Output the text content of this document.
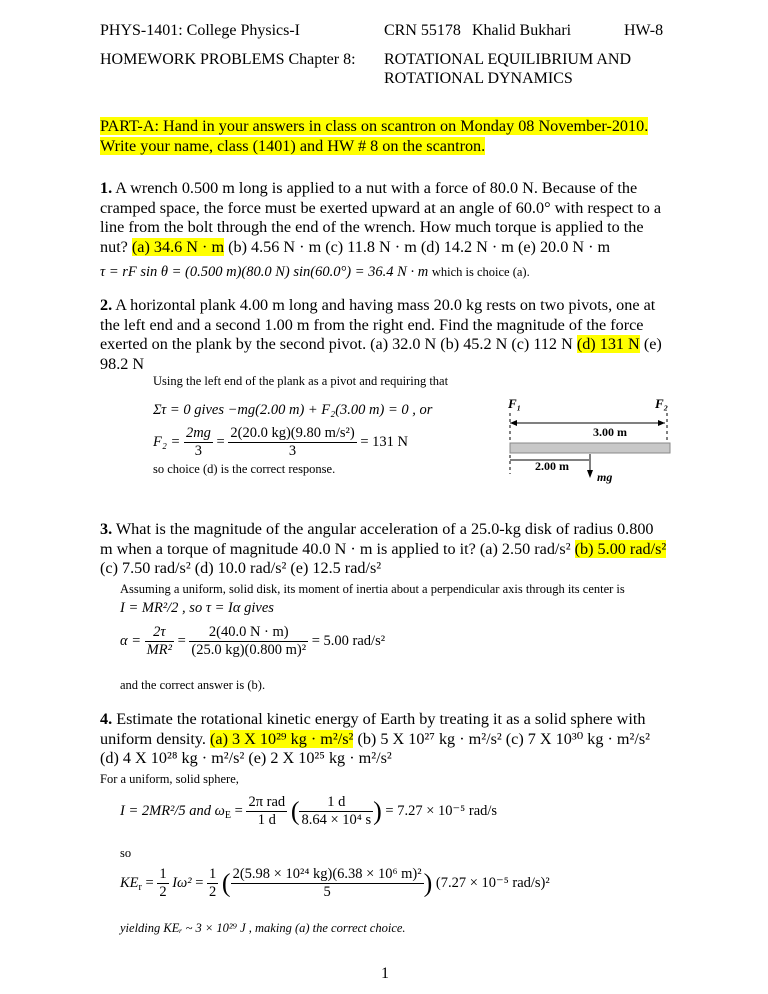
PHYS-1401: College Physics-I	CRN 55178 Khalid Bukhari	HW-8
HOMEWORK PROBLEMS Chapter 8: ROTATIONAL EQUILIBRIUM AND
ROTATIONAL DYNAMICS
PART-A: Hand in your answers in class on scantron on Monday 08 November-2010. Write your name, class (1401) and HW # 8 on the scantron.
1. A wrench 0.500 m long is applied to a nut with a force of 80.0 N. Because of the cramped space, the force must be exerted upward at an angle of 60.0° with respect to a line from the bolt through the end of the wrench. How much torque is applied to the nut? (a) 34.6 N · m (b) 4.56 N · m (c) 11.8 N · m (d) 14.2 N · m (e) 20.0 N · m
τ = rF sin θ = (0.500 m)(80.0 N) sin(60.0°) = 36.4 N · m which is choice (a).
2. A horizontal plank 4.00 m long and having mass 20.0 kg rests on two pivots, one at the left end and a second 1.00 m from the right end. Find the magnitude of the force exerted on the plank by the second pivot. (a) 32.0 N (b) 45.2 N (c) 112 N (d) 131 N (e) 98.2 N
Using the left end of the plank as a pivot and requiring that
Στ = 0 gives −mg(2.00 m) + F₂(3.00 m) = 0 , or
$F_2 = \frac{2mg}{3} = \frac{\text{2(20.0 kg)(9.80 m/s²)}}{3} = 131$ N
so choice (d) is the correct response.
F₁	F₂
3.00 m
2.00 m
mg
3. What is the magnitude of the angular acceleration of a 25.0-kg disk of radius 0.800 m when a torque of magnitude 40.0 N · m is applied to it? (a) 2.50 rad/s² (b) 5.00 rad/s² (c) 7.50 rad/s² (d) 10.0 rad/s² (e) 12.5 rad/s²
Assuming a uniform, solid disk, its moment of inertia about a perpendicular axis through its center is
I = MR²/2 , so τ = Iα gives
$\alpha = \frac{2\tau}{\text{MR²}} = \frac{2(40.0 N \cdot m)}{\text{(25.0 kg)(0.800 m)²}} = 5.00$ rad/s²
and the correct answer is (b).
4. Estimate the rotational kinetic energy of Earth by treating it as a solid sphere with uniform density. (a) 3 X 10²⁹ kg · m²/s² (b) 5 X 10²⁷ kg · m²/s² (c) 7 X 10³⁰ kg · m²/s² (d) 4 X 10²⁸ kg · m²/s² (e) 2 X 10²⁵ kg · m²/s²
For a uniform, solid sphere,
I = 2MR²/5 and $\omega_E = \frac{\text{2π rad}}{1 d}$ ( $\frac{1 d}{\text{8.64 × 10⁴ s}}$ ) = 7.27 × 10⁻⁵ rad/s
so
$KE_r = \frac{1}{2} I\omega^2 = \frac{1}{2}$ ( $\frac{\text{2(5.98 × 10²⁴ kg)(6.38 × 10⁶ m)²}}{5}$ ) (7.27 × 10⁻⁵ rad/s)²
yielding KEᵣ ~ 3 × 10²⁹ J , making (a) the correct choice.
1
